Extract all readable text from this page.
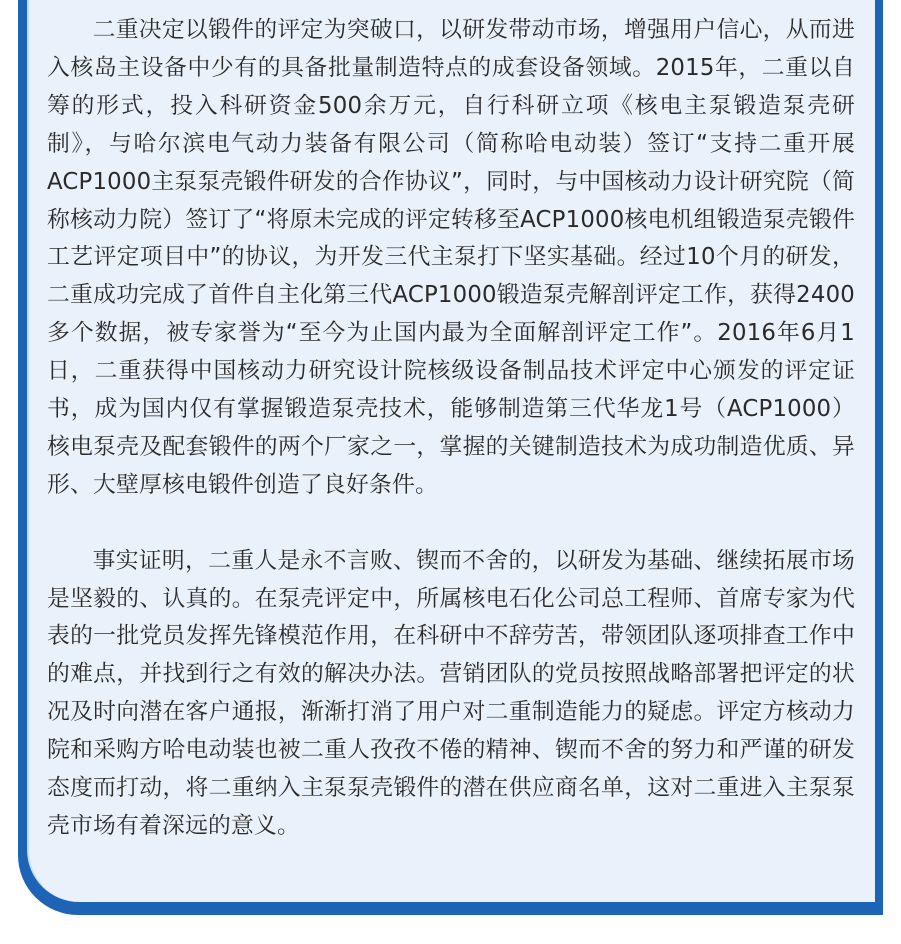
二重决定以锻件的评定为突破口，以研发带动市场，增强用户信心，从而进入核岛主设备中少有的具备批量制造特点的成套设备领域。2015年，二重以自筹的形式，投入科研资金500余万元，自行科研立项《核电主泵锻造泵壳研制》，与哈尔滨电气动力装备有限公司（简称哈电动装）签订“支持二重开展ACP1000主泵泵壳锻件研发的合作协议”，同时，与中国核动力设计研究院（简称核动力院）签订了“将原未完成的评定转移至ACP1000核电机组锻造泵壳锻件工艺评定项目中”的协议，为开发三代主泵打下坚实基础。经过10个月的研发，二重成功完成了首件自主化第三代ACP1000锻造泵壳解剖评定工作，获得2400多个数据，被专家誉为“至今为止国内最为全面解剖评定工作”。2016年6月1日，二重获得中国核动力研究设计院核级设备制品技术评定中心颁发的评定证书，成为国内仅有掌握锻造泵壳技术，能够制造第三代华龙1号（ACP1000）核电泵壳及配套锻件的两个厂家之一，掌握的关键制造技术为成功制造优质、异形、大壁厚核电锻件创造了良好条件。

事实证明，二重人是永不言败、锲而不舍的，以研发为基础、继续拓展市场是坚毅的、认真的。在泵壳评定中，所属核电石化公司总工程师、首席专家为代表的一批党员发挥先锋模范作用，在科研中不辞劳苦，带领团队逐项排查工作中的难点，并找到行之有效的解决办法。营销团队的党员按照战略部署把评定的状况及时向潜在客户通报，渐渐打消了用户对二重制造能力的疑虑。评定方核动力院和采购方哈电动装也被二重人孜孜不倦的精神、锲而不舍的努力和严谨的研发态度而打动，将二重纳入主泵泵壳锻件的潜在供应商名单，这对二重进入主泵泵壳市场有着深远的意义。
